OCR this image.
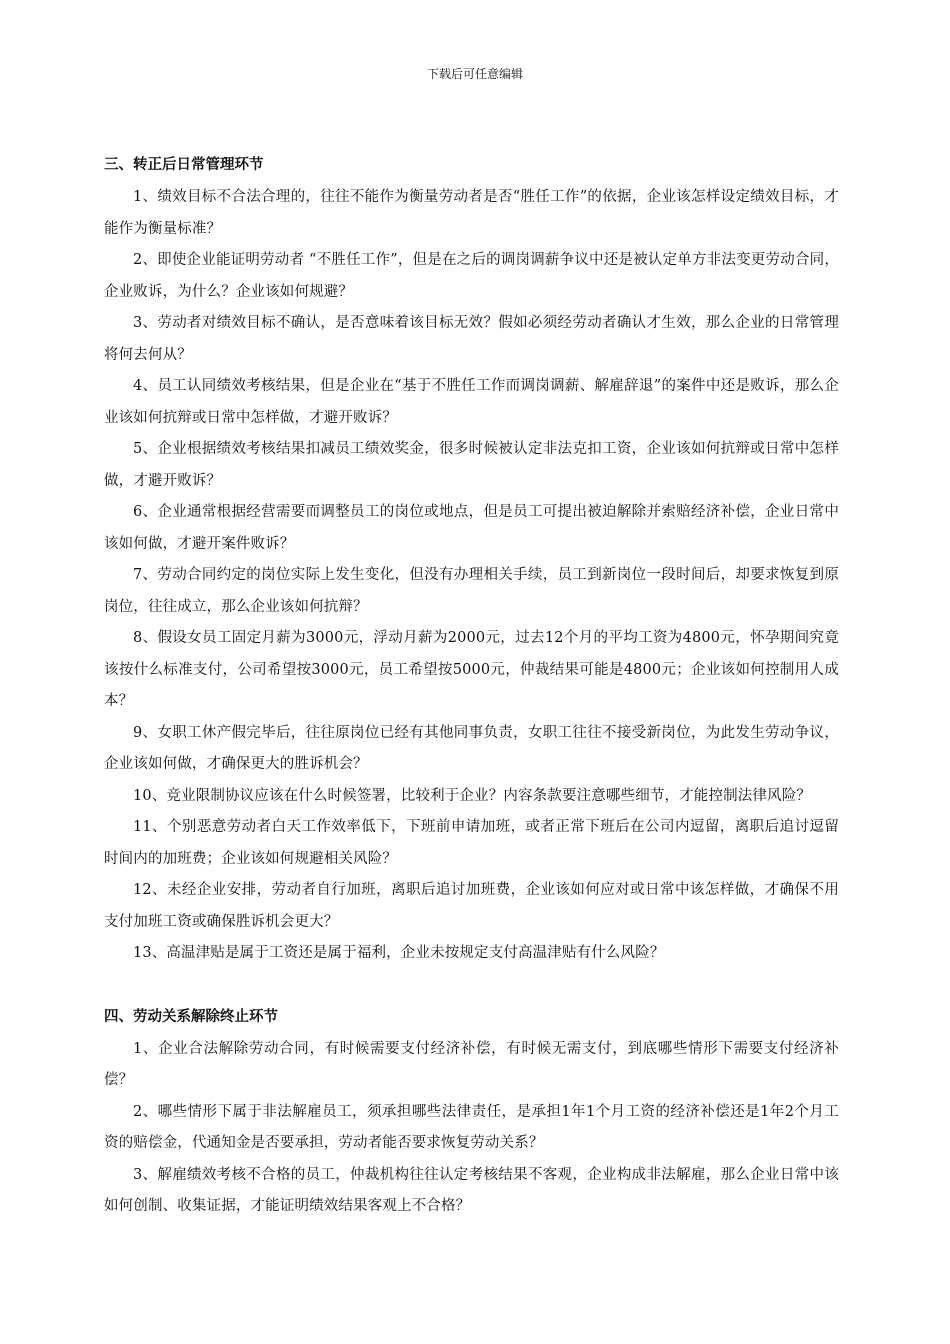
下载后可任意编辑
三、转正后日常管理环节

1、绩效目标不合法合理的，往往不能作为衡量劳动者是否“胜任工作”的依据，企业该怎样设定绩效目标，才能作为衡量标准？

2、即使企业能证明劳动者 “不胜任工作”，但是在之后的调岗调薪争议中还是被认定单方非法变更劳动合同，企业败诉，为什么？企业该如何规避？

3、劳动者对绩效目标不确认，是否意味着该目标无效？假如必须经劳动者确认才生效，那么企业的日常管理将何去何从？

4、员工认同绩效考核结果，但是企业在“基于不胜任工作而调岗调薪、解雇辞退”的案件中还是败诉，那么企业该如何抗辩或日常中怎样做，才避开败诉？

5、企业根据绩效考核结果扣减员工绩效奖金，很多时候被认定非法克扣工资，企业该如何抗辩或日常中怎样做，才避开败诉？

6、企业通常根据经营需要而调整员工的岗位或地点，但是员工可提出被迫解除并索赔经济补偿，企业日常中该如何做，才避开案件败诉？

7、劳动合同约定的岗位实际上发生变化，但没有办理相关手续，员工到新岗位一段时间后，却要求恢复到原岗位，往往成立，那么企业该如何抗辩？

8、假设女员工固定月薪为3000元，浮动月薪为2000元，过去12个月的平均工资为4800元，怀孕期间究竟该按什么标准支付，公司希望按3000元，员工希望按5000元，仲裁结果可能是4800元；企业该如何控制用人成本？

9、女职工休产假完毕后，往往原岗位已经有其他同事负责，女职工往往不接受新岗位，为此发生劳动争议，企业该如何做，才确保更大的胜诉机会？

10、竞业限制协议应该在什么时候签署，比较利于企业？内容条款要注意哪些细节，才能控制法律风险？

11、个别恶意劳动者白天工作效率低下，下班前申请加班，或者正常下班后在公司内逗留，离职后追讨逗留时间内的加班费；企业该如何规避相关风险？

12、未经企业安排，劳动者自行加班，离职后追讨加班费，企业该如何应对或日常中该怎样做，才确保不用支付加班工资或确保胜诉机会更大？

13、高温津贴是属于工资还是属于福利，企业未按规定支付高温津贴有什么风险？

四、劳动关系解除终止环节

1、企业合法解除劳动合同，有时候需要支付经济补偿，有时候无需支付，到底哪些情形下需要支付经济补偿？

2、哪些情形下属于非法解雇员工，须承担哪些法律责任，是承担1年1个月工资的经济补偿还是1年2个月工资的赔偿金，代通知金是否要承担，劳动者能否要求恢复劳动关系？

3、解雇绩效考核不合格的员工，仲裁机构往往认定考核结果不客观，企业构成非法解雇，那么企业日常中该如何创制、收集证据，才能证明绩效结果客观上不合格？
